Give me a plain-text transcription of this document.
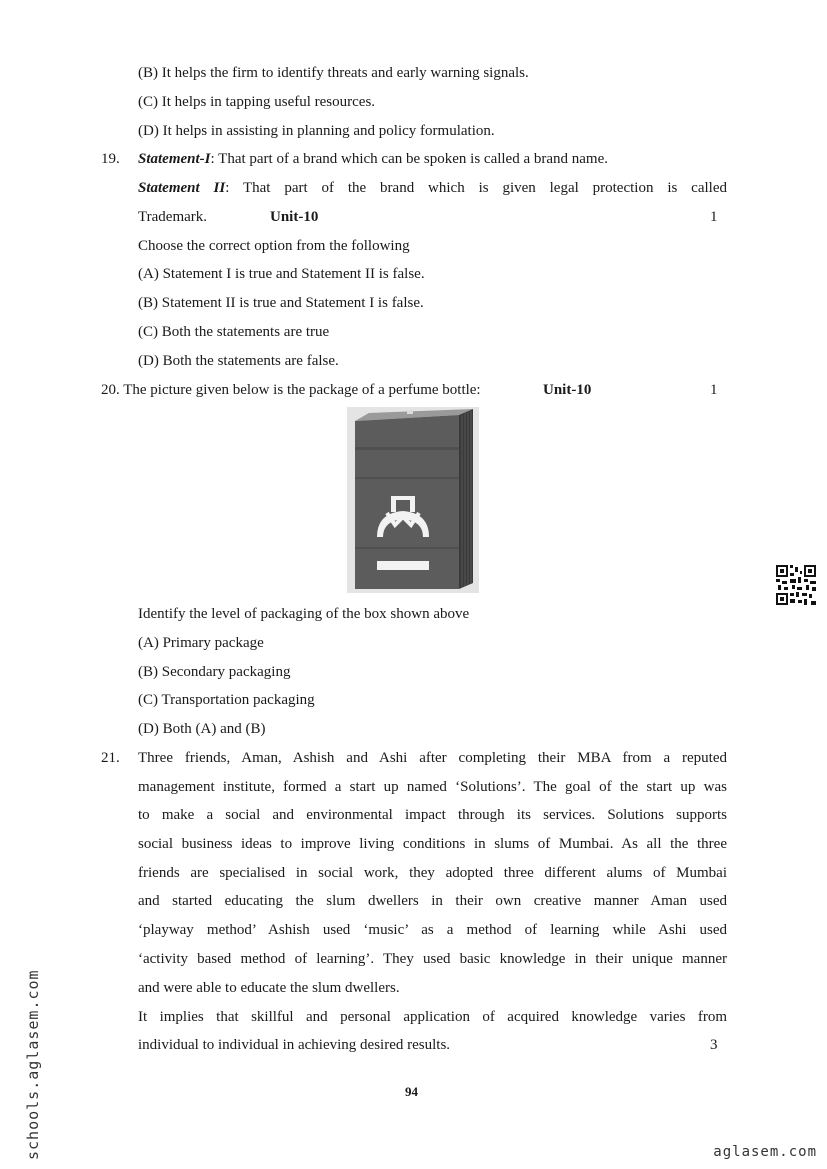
(B) It helps the firm to identify threats and early warning signals.
(C) It helps in tapping useful resources.
(D) It helps in assisting in planning and policy formulation.
19. Statement-I: That part of a brand which can be spoken is called a brand name.
Statement II: That part of the brand which is given legal protection is called
Trademark.	Unit-10	1
Choose the correct option from the following
(A) Statement I is true and Statement II is false.
(B) Statement II is true and Statement I is false.
(C) Both the statements are true
(D) Both the statements are false.
20. The picture given below is the package of a perfume bottle:	Unit-10	1
Identify the level of packaging of the box shown above
(A) Primary package
(B) Secondary packaging
(C) Transportation packaging
(D) Both (A) and (B)
21. Three friends, Aman, Ashish and Ashi after completing their MBA from a reputed
management institute, formed a start up named ‘Solutions’. The goal of the start up was
to make a social and environmental impact through its services. Solutions supports
social business ideas to improve living conditions in slums of Mumbai. As all the three
friends are specialised in social work, they adopted three different alums of Mumbai
and started educating the slum dwellers in their own creative manner Aman used
‘playway method’ Ashish used ‘music’ as a method of learning while Ashi used
‘activity based method of learning’. They used basic knowledge in their unique manner
and were able to educate the slum dwellers.
It implies that skillful and personal application of acquired knowledge varies from
individual to individual in achieving desired results.	3
94
schools.aglasem.com	aglasem.com
